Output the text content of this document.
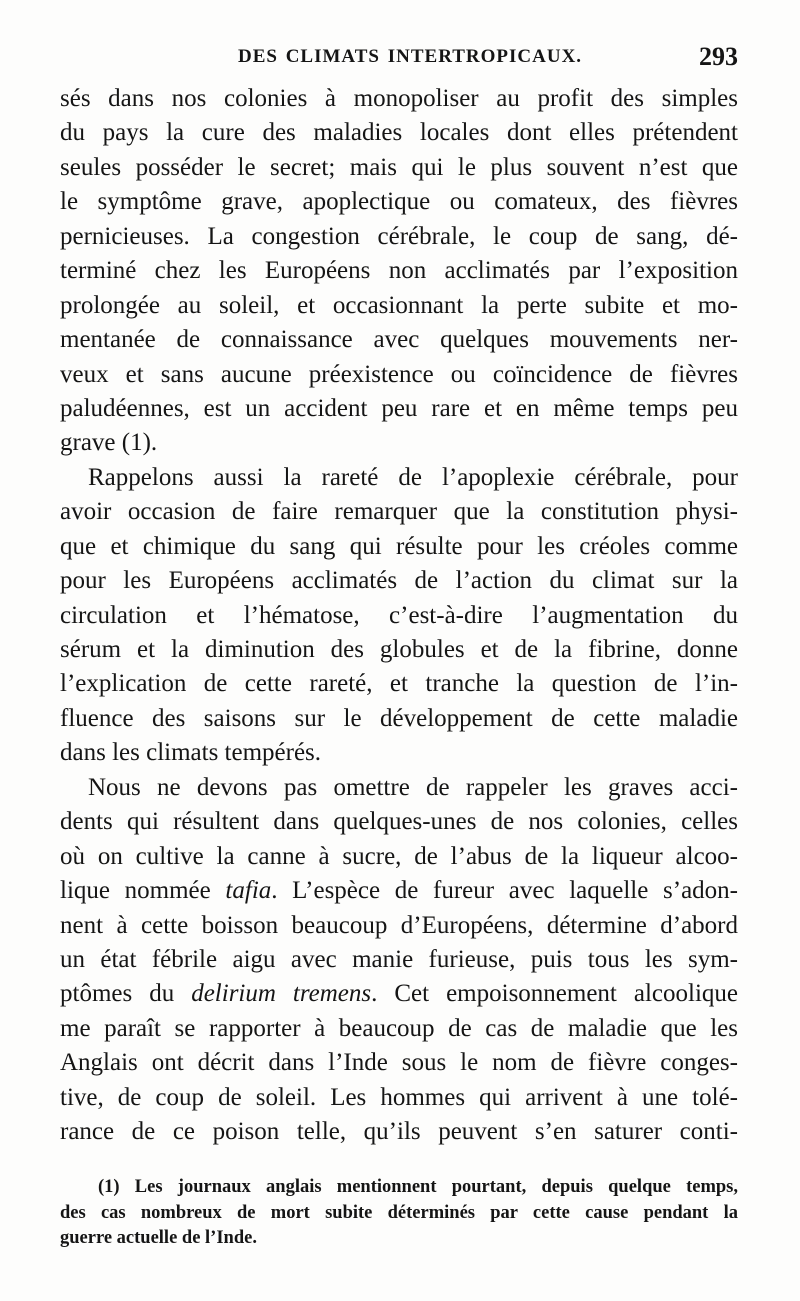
DES CLIMATS INTERTROPICAUX.	293
sés dans nos colonies à monopoliser au profit des simples
du pays la cure des maladies locales dont elles prétendent
seules posséder le secret; mais qui le plus souvent n’est que
le symptôme grave, apoplectique ou comateux, des fièvres
pernicieuses. La congestion cérébrale, le coup de sang, dé-
terminé chez les Européens non acclimatés par l’exposition
prolongée au soleil, et occasionnant la perte subite et mo-
mentanée de connaissance avec quelques mouvements ner-
veux et sans aucune préexistence ou coïncidence de fièvres
paludéennes, est un accident peu rare et en même temps peu
grave (1).
Rappelons aussi la rareté de l’apoplexie cérébrale, pour
avoir occasion de faire remarquer que la constitution physi-
que et chimique du sang qui résulte pour les créoles comme
pour les Européens acclimatés de l’action du climat sur la
circulation et l’hématose, c’est-à-dire l’augmentation du
sérum et la diminution des globules et de la fibrine, donne
l’explication de cette rareté, et tranche la question de l’in-
fluence des saisons sur le développement de cette maladie
dans les climats tempérés.
Nous ne devons pas omettre de rappeler les graves acci-
dents qui résultent dans quelques-unes de nos colonies, celles
où on cultive la canne à sucre, de l’abus de la liqueur alcoo-
lique nommée tafia. L’espèce de fureur avec laquelle s’adon-
nent à cette boisson beaucoup d’Européens, détermine d’abord
un état fébrile aigu avec manie furieuse, puis tous les sym-
ptômes du delirium tremens. Cet empoisonnement alcoolique
me paraît se rapporter à beaucoup de cas de maladie que les
Anglais ont décrit dans l’Inde sous le nom de fièvre conges-
tive, de coup de soleil. Les hommes qui arrivent à une tolé-
rance de ce poison telle, qu’ils peuvent s’en saturer conti-
(1) Les journaux anglais mentionnent pourtant, depuis quelque temps,
des cas nombreux de mort subite déterminés par cette cause pendant la
guerre actuelle de l’Inde.
